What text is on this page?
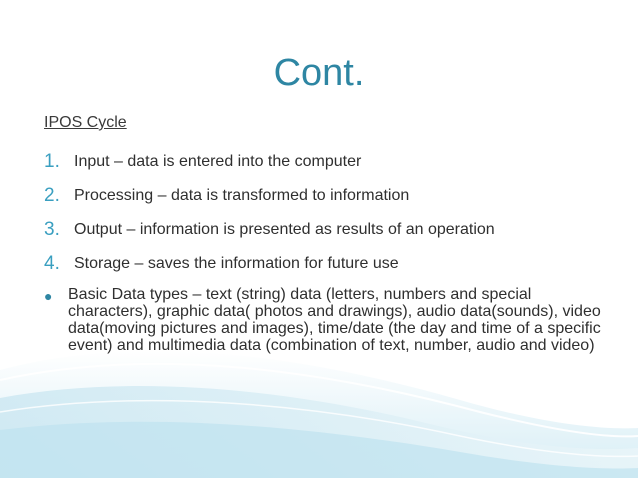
Cont.
IPOS Cycle
1. Input – data is entered into the computer
2. Processing – data is transformed to information
3. Output – information is presented as results of an operation
4. Storage – saves the information for future use
● Basic Data types – text (string) data (letters, numbers and special characters), graphic data( photos and drawings), audio data(sounds), video data(moving pictures and images), time/date (the day and time of a specific event) and multimedia data (combination of text, number, audio and video)
